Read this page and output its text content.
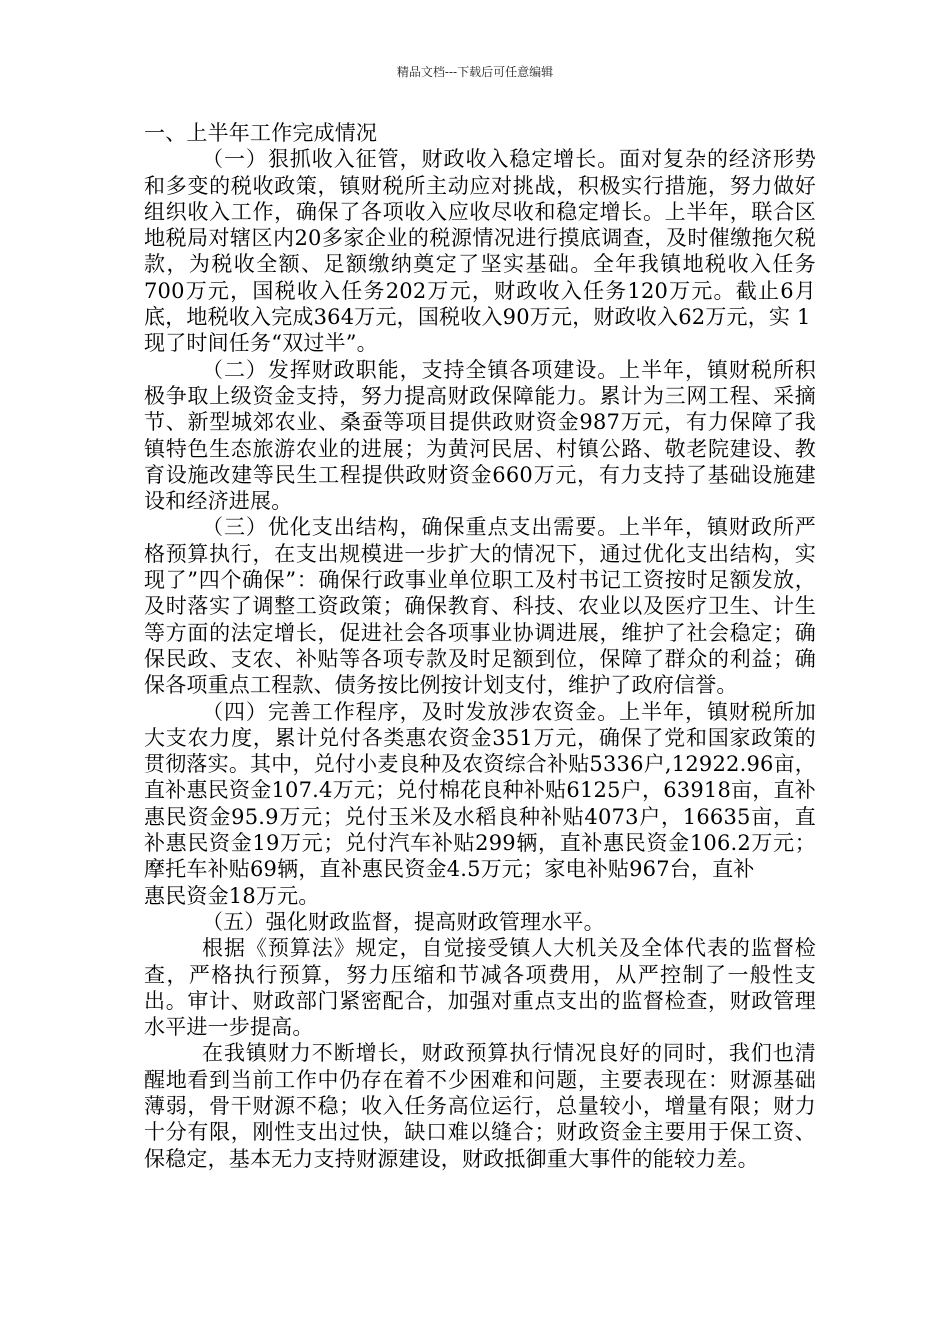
精品文档---下载后可任意编辑

一、上半年工作完成情况

（一）狠抓收入征管，财政收入稳定增长。面对复杂的经济形势和多变的税收政策，镇财税所主动应对挑战，积极实行措施，努力做好组织收入工作，确保了各项收入应收尽收和稳定增长。上半年，联合区地税局对辖区内20多家企业的税源情况进行摸底调查，及时催缴拖欠税款，为税收全额、足额缴纳奠定了坚实基础。全年我镇地税收入任务700万元，国税收入任务202万元，财政收入任务120万元。截止6月底，地税收入完成364万元，国税收入90万元，财政收入62万元，实 1

现了时间任务“双过半”。

（二）发挥财政职能，支持全镇各项建设。上半年，镇财税所积极争取上级资金支持，努力提高财政保障能力。累计为三网工程、采摘节、新型城郊农业、桑蚕等项目提供政财资金987万元，有力保障了我镇特色生态旅游农业的进展；为黄河民居、村镇公路、敬老院建设、教育设施改建等民生工程提供政财资金660万元，有力支持了基础设施建设和经济进展。

（三）优化支出结构，确保重点支出需要。上半年，镇财政所严格预算执行，在支出规模进一步扩大的情况下，通过优化支出结构，实现了”四个确保”：确保行政事业单位职工及村书记工资按时足额发放，及时落实了调整工资政策；确保教育、科技、农业以及医疗卫生、计生等方面的法定增长，促进社会各项事业协调进展，维护了社会稳定；确保民政、支农、补贴等各项专款及时足额到位，保障了群众的利益；确保各项重点工程款、债务按比例按计划支付，维护了政府信誉。

（四）完善工作程序，及时发放涉农资金。上半年，镇财税所加大支农力度，累计兑付各类惠农资金351万元，确保了党和国家政策的贯彻落实。其中，兑付小麦良种及农资综合补贴5336户,12922.96亩，直补惠民资金107.4万元；兑付棉花良种补贴6125户，63918亩，直补惠民资金95.9万元；兑付玉米及水稻良种补贴4073户，16635亩，直补惠民资金19万元；兑付汽车补贴299辆，直补惠民资金106.2万元；摩托车补贴69辆，直补惠民资金4.5万元；家电补贴967台，直补

惠民资金18万元。

（五）强化财政监督，提高财政管理水平。

根据《预算法》规定，自觉接受镇人大机关及全体代表的监督检查，严格执行预算，努力压缩和节减各项费用，从严控制了一般性支出。审计、财政部门紧密配合，加强对重点支出的监督检查，财政管理水平进一步提高。

在我镇财力不断增长，财政预算执行情况良好的同时，我们也清醒地看到当前工作中仍存在着不少困难和问题，主要表现在：财源基础薄弱，骨干财源不稳；收入任务高位运行，总量较小，增量有限；财力十分有限，刚性支出过快，缺口难以缝合；财政资金主要用于保工资、保稳定，基本无力支持财源建设，财政抵御重大事件的能较力差。
